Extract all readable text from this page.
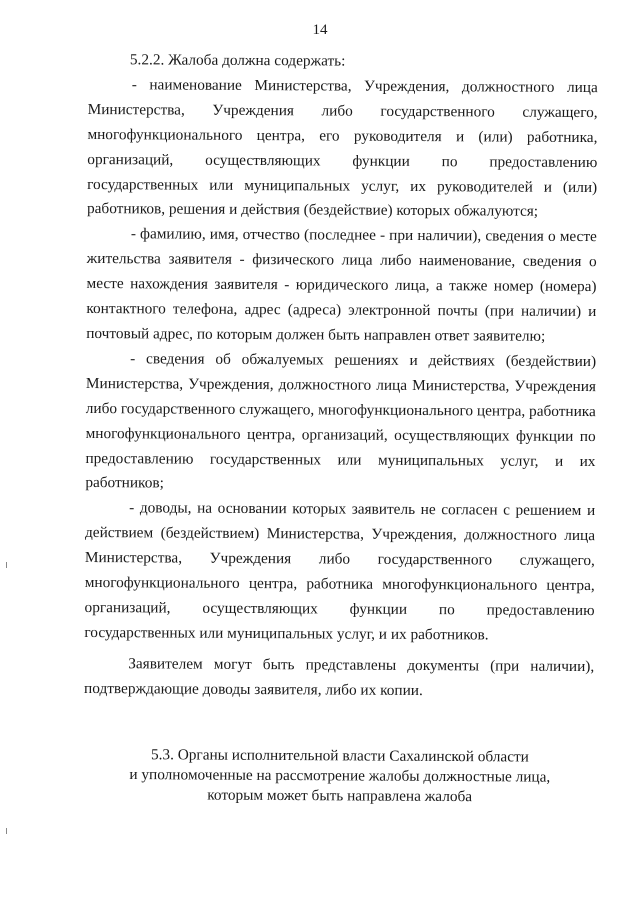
14

5.2.2. Жалоба должна содержать:

- наименование Министерства, Учреждения, должностного лица Министерства, Учреждения либо государственного служащего, многофункционального центра, его руководителя и (или) работника, организаций, осуществляющих функции по предоставлению государственных или муниципальных услуг, их руководителей и (или) работников, решения и действия (бездействие) которых обжалуются;

- фамилию, имя, отчество (последнее - при наличии), сведения о месте жительства заявителя - физического лица либо наименование, сведения о месте нахождения заявителя - юридического лица, а также номер (номера) контактного телефона, адрес (адреса) электронной почты (при наличии) и почтовый адрес, по которым должен быть направлен ответ заявителю;

- сведения об обжалуемых решениях и действиях (бездействии) Министерства, Учреждения, должностного лица Министерства, Учреждения либо государственного служащего, многофункционального центра, работника многофункционального центра, организаций, осуществляющих функции по предоставлению государственных или муниципальных услуг, и их работников;

- доводы, на основании которых заявитель не согласен с решением и действием (бездействием) Министерства, Учреждения, должностного лица Министерства, Учреждения либо государственного служащего, многофункционального центра, работника многофункционального центра, организаций, осуществляющих функции по предоставлению государственных или муниципальных услуг, и их работников.

Заявителем могут быть представлены документы (при наличии), подтверждающие доводы заявителя, либо их копии.

5.3. Органы исполнительной власти Сахалинской области
и уполномоченные на рассмотрение жалобы должностные лица,
которым может быть направлена жалоба
